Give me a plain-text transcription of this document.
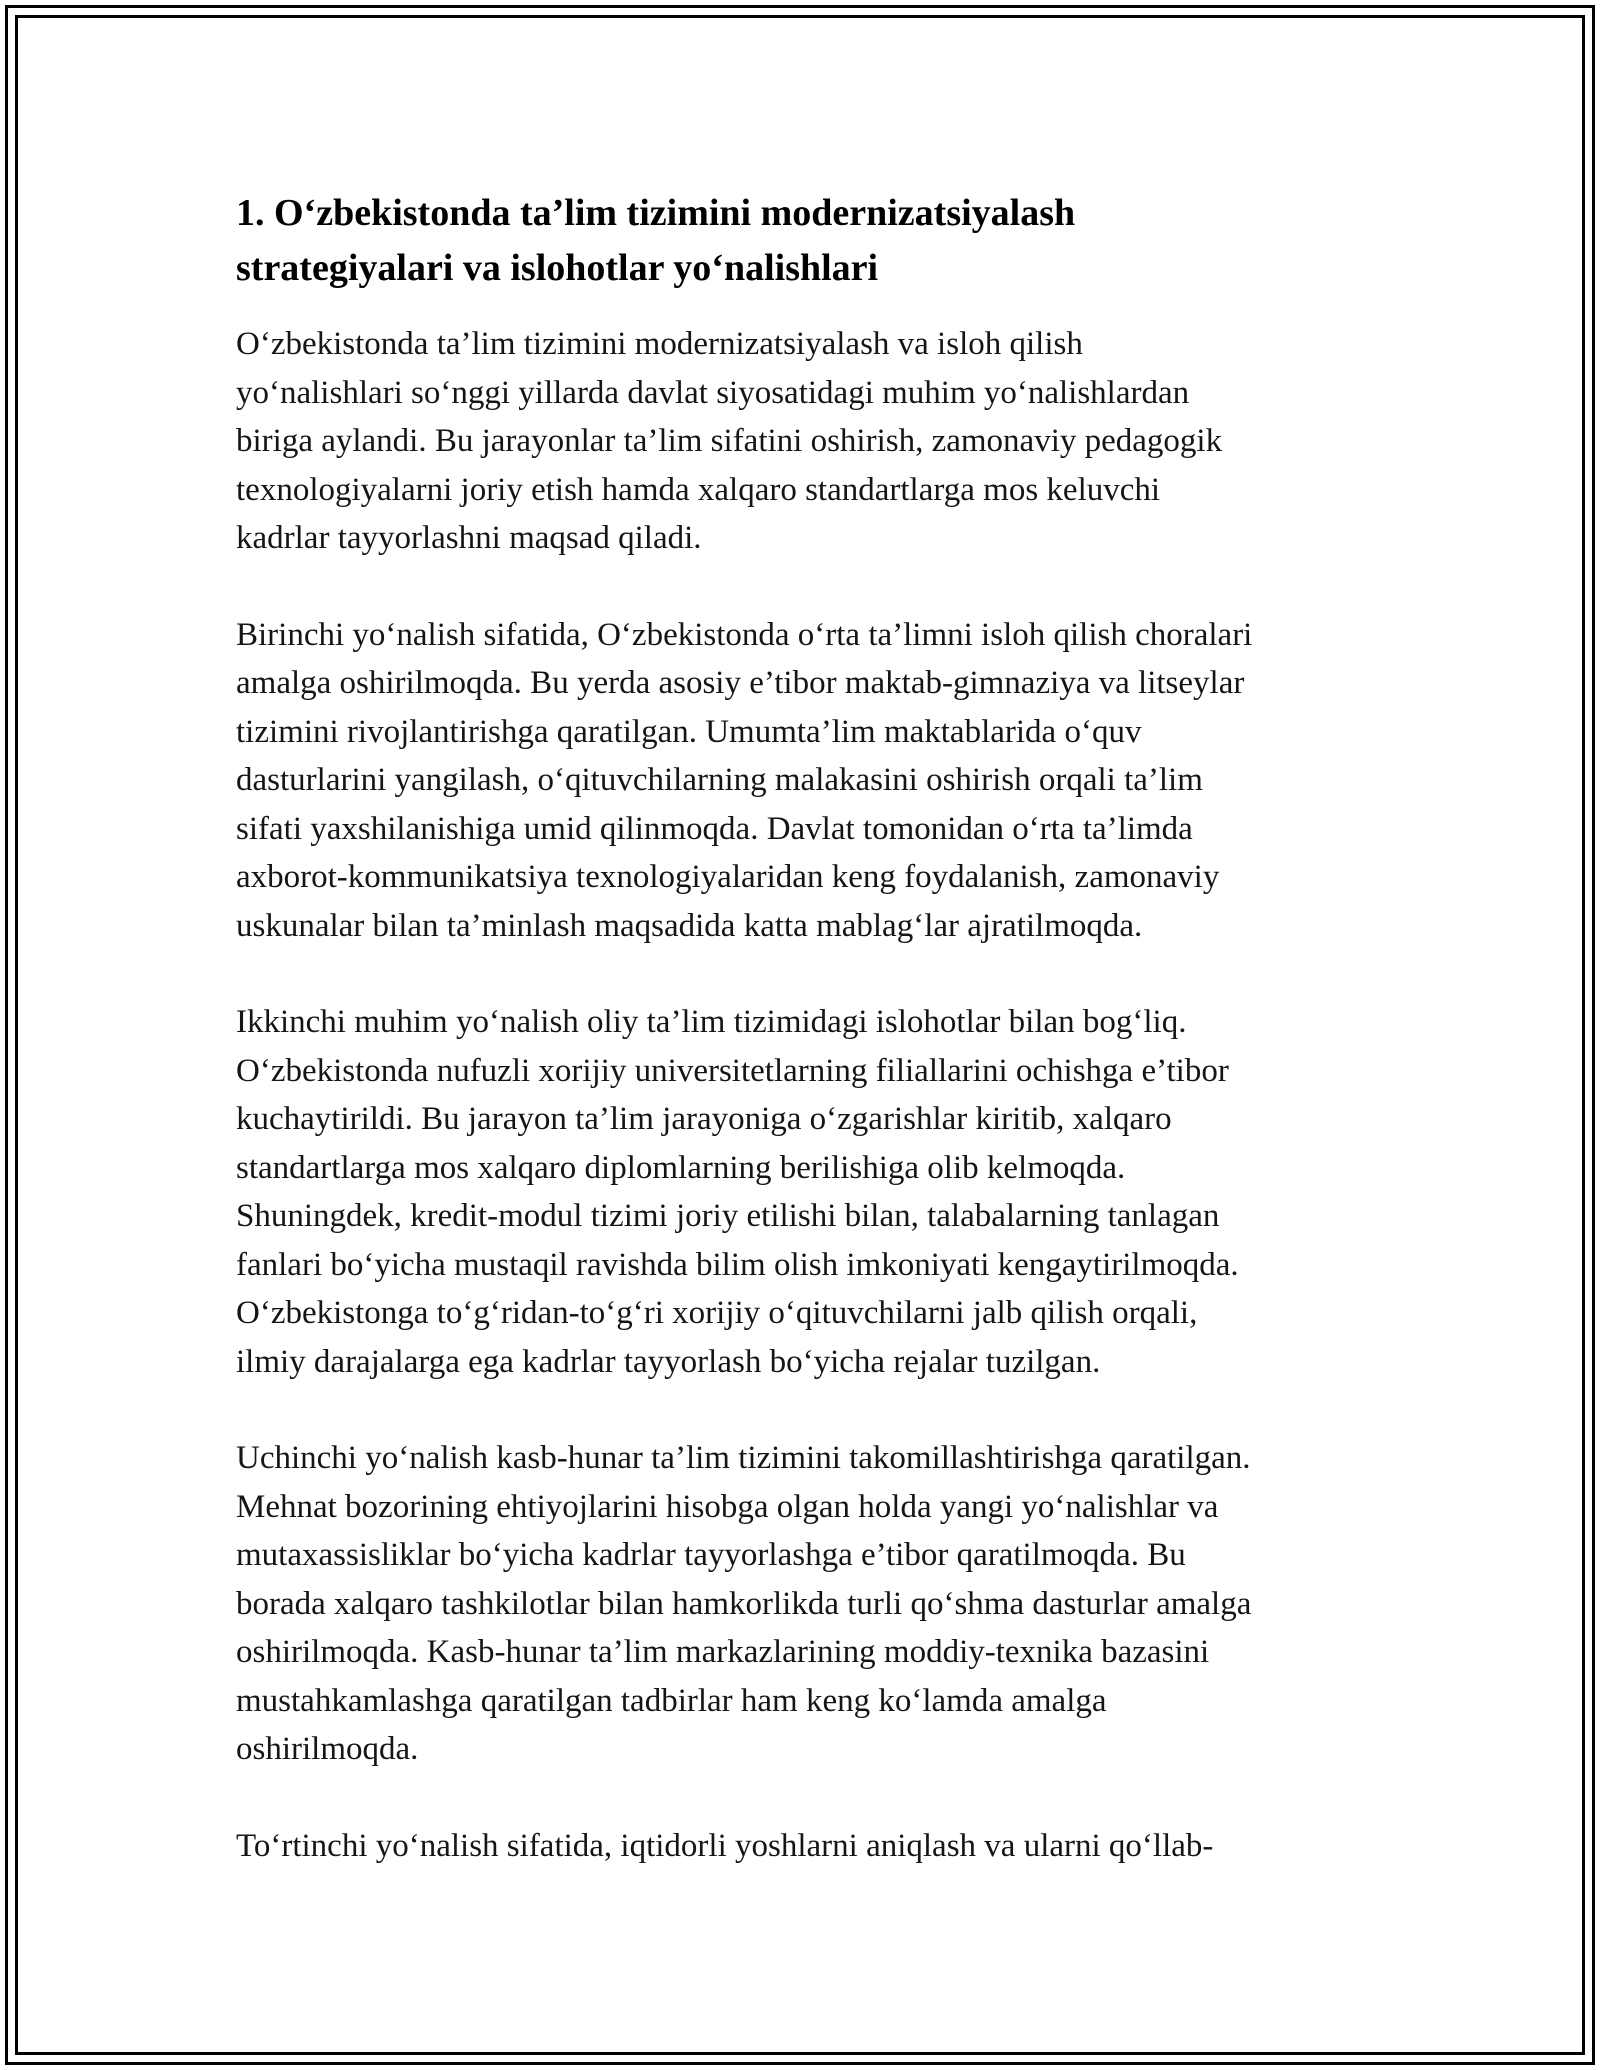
1. O‘zbekistonda ta’lim tizimini modernizatsiyalash
strategiyalari va islohotlar yo‘nalishlari

O‘zbekistonda ta’lim tizimini modernizatsiyalash va isloh qilish
yo‘nalishlari so‘nggi yillarda davlat siyosatidagi muhim yo‘nalishlardan
biriga aylandi. Bu jarayonlar ta’lim sifatini oshirish, zamonaviy pedagogik
texnologiyalarni joriy etish hamda xalqaro standartlarga mos keluvchi
kadrlar tayyorlashni maqsad qiladi.

Birinchi yo‘nalish sifatida, O‘zbekistonda o‘rta ta’limni isloh qilish choralari
amalga oshirilmoqda. Bu yerda asosiy e’tibor maktab-gimnaziya va litseylar
tizimini rivojlantirishga qaratilgan. Umumta’lim maktablarida o‘quv
dasturlarini yangilash, o‘qituvchilarning malakasini oshirish orqali ta’lim
sifati yaxshilanishiga umid qilinmoqda. Davlat tomonidan o‘rta ta’limda
axborot-kommunikatsiya texnologiyalaridan keng foydalanish, zamonaviy
uskunalar bilan ta’minlash maqsadida katta mablag‘lar ajratilmoqda.

Ikkinchi muhim yo‘nalish oliy ta’lim tizimidagi islohotlar bilan bog‘liq.
O‘zbekistonda nufuzli xorijiy universitetlarning filiallarini ochishga e’tibor
kuchaytirildi. Bu jarayon ta’lim jarayoniga o‘zgarishlar kiritib, xalqaro
standartlarga mos xalqaro diplomlarning berilishiga olib kelmoqda.
Shuningdek, kredit-modul tizimi joriy etilishi bilan, talabalarning tanlagan
fanlari bo‘yicha mustaqil ravishda bilim olish imkoniyati kengaytirilmoqda.
O‘zbekistonga to‘g‘ridan-to‘g‘ri xorijiy o‘qituvchilarni jalb qilish orqali,
ilmiy darajalarga ega kadrlar tayyorlash bo‘yicha rejalar tuzilgan.

Uchinchi yo‘nalish kasb-hunar ta’lim tizimini takomillashtirishga qaratilgan.
Mehnat bozorining ehtiyojlarini hisobga olgan holda yangi yo‘nalishlar va
mutaxassisliklar bo‘yicha kadrlar tayyorlashga e’tibor qaratilmoqda. Bu
borada xalqaro tashkilotlar bilan hamkorlikda turli qo‘shma dasturlar amalga
oshirilmoqda. Kasb-hunar ta’lim markazlarining moddiy-texnika bazasini
mustahkamlashga qaratilgan tadbirlar ham keng ko‘lamda amalga
oshirilmoqda.

To‘rtinchi yo‘nalish sifatida, iqtidorli yoshlarni aniqlash va ularni qo‘llab-
